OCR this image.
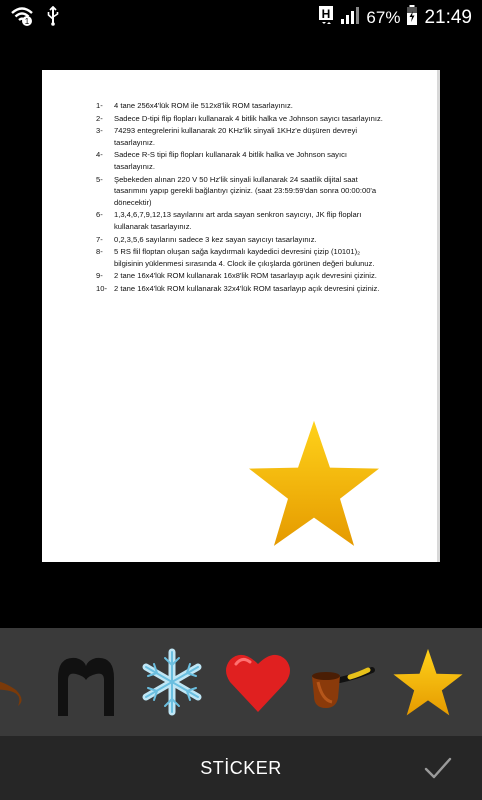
1
H 67% 21:49
1- 4 tane 256x4'lük ROM ile 512x8'lik ROM tasarlayınız.
2- Sadece D-tipi flip flopları kullanarak 4 bitlik halka ve Johnson sayıcı tasarlayınız.
3- 74293 entegrelerini kullanarak 20 KHz'lik sinyali 1KHz'e düşüren devreyi tasarlayınız.
4- Sadece R-S tipi flip flopları kullanarak 4 bitlik halka ve Johnson sayıcı tasarlayınız.
5- Şebekeden alınan 220 V 50 Hz'lik sinyali kullanarak 24 saatlik dijital saat tasarımını yapıp gerekli bağlantıyı çiziniz. (saat 23:59:59'dan sonra 00:00:00'a dönecektir)
6- 1,3,4,6,7,9,12,13 sayılarını art arda sayan senkron sayıcıyı, JK flip flopları kullanarak tasarlayınız.
7- 0,2,3,5,6 sayılarını sadece 3 kez sayan sayıcıyı tasarlayınız.
8- 5 RS flil floptan oluşan sağa kaydırmalı kaydedici devresini çizip (10101)₂ bilgisinin yüklenmesi sırasında 4. Clock ile çıkışlarda görünen değeri bulunuz.
9- 2 tane 16x4'lük ROM kullanarak 16x8'lik ROM tasarlayıp açık devresini çiziniz.
10- 2 tane 16x4'lük ROM kullanarak 32x4'lük ROM tasarlayıp açık devresini çiziniz.
STİCKER
